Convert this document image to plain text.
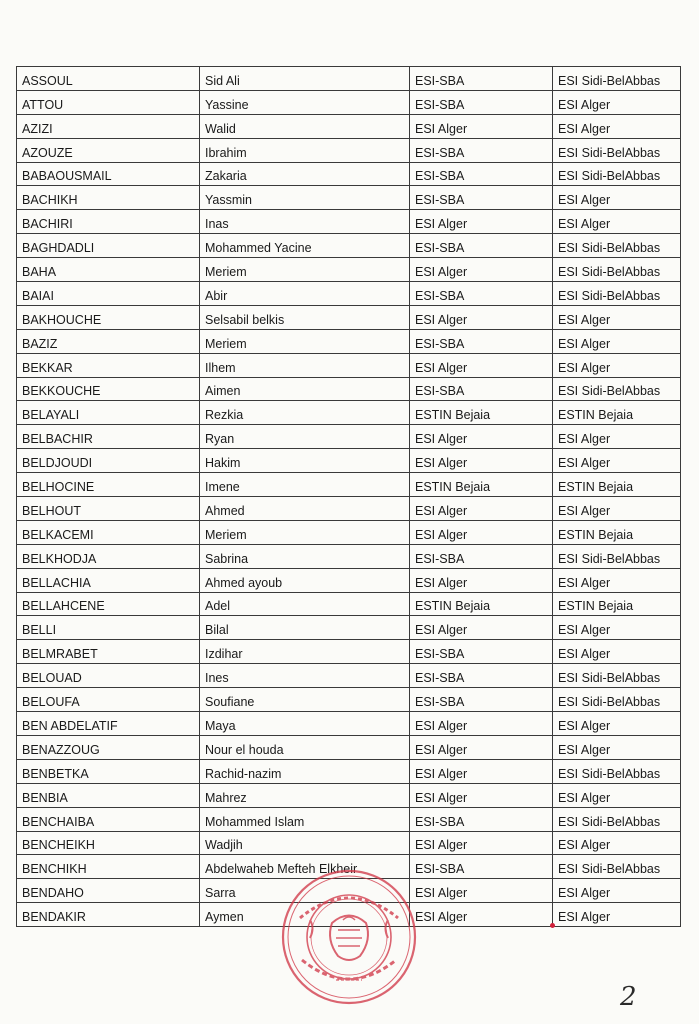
ASSOUL	Sid Ali	ESI-SBA	ESI Sidi-BelAbbas
ATTOU	Yassine	ESI-SBA	ESI Alger
AZIZI	Walid	ESI Alger	ESI Alger
AZOUZE	Ibrahim	ESI-SBA	ESI Sidi-BelAbbas
BABAOUSMAIL	Zakaria	ESI-SBA	ESI Sidi-BelAbbas
BACHIKH	Yassmin	ESI-SBA	ESI Alger
BACHIRI	Inas	ESI Alger	ESI Alger
BAGHDADLI	Mohammed Yacine	ESI-SBA	ESI Sidi-BelAbbas
BAHA	Meriem	ESI Alger	ESI Sidi-BelAbbas
BAIAI	Abir	ESI-SBA	ESI Sidi-BelAbbas
BAKHOUCHE	Selsabil belkis	ESI Alger	ESI Alger
BAZIZ	Meriem	ESI-SBA	ESI Alger
BEKKAR	Ilhem	ESI Alger	ESI Alger
BEKKOUCHE	Aimen	ESI-SBA	ESI Sidi-BelAbbas
BELAYALI	Rezkia	ESTIN Bejaia	ESTIN Bejaia
BELBACHIR	Ryan	ESI Alger	ESI Alger
BELDJOUDI	Hakim	ESI Alger	ESI Alger
BELHOCINE	Imene	ESTIN Bejaia	ESTIN Bejaia
BELHOUT	Ahmed	ESI Alger	ESI Alger
BELKACEMI	Meriem	ESI Alger	ESTIN Bejaia
BELKHODJA	Sabrina	ESI-SBA	ESI Sidi-BelAbbas
BELLACHIA	Ahmed ayoub	ESI Alger	ESI Alger
BELLAHCENE	Adel	ESTIN Bejaia	ESTIN Bejaia
BELLI	Bilal	ESI Alger	ESI Alger
BELMRABET	Izdihar	ESI-SBA	ESI Alger
BELOUAD	Ines	ESI-SBA	ESI Sidi-BelAbbas
BELOUFA	Soufiane	ESI-SBA	ESI Sidi-BelAbbas
BEN ABDELATIF	Maya	ESI Alger	ESI Alger
BENAZZOUG	Nour el houda	ESI Alger	ESI Alger
BENBETKA	Rachid-nazim	ESI Alger	ESI Sidi-BelAbbas
BENBIA	Mahrez	ESI Alger	ESI Alger
BENCHAIBA	Mohammed Islam	ESI-SBA	ESI Sidi-BelAbbas
BENCHEIKH	Wadjih	ESI Alger	ESI Alger
BENCHIKH	Abdelwaheb Mefteh Elkheir	ESI-SBA	ESI Sidi-BelAbbas
BENDAHO	Sarra	ESI Alger	ESI Alger
BENDAKIR	Aymen	ESI Alger	ESI Alger
2
